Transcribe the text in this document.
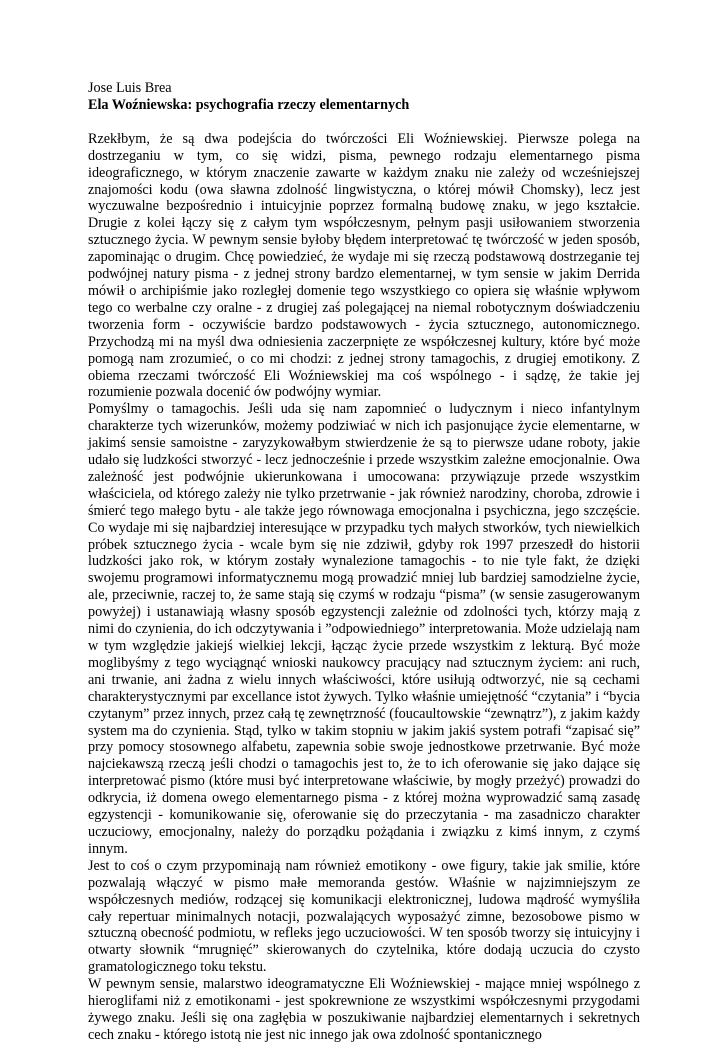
Jose Luis Brea
Ela Woźniewska: psychografia rzeczy elementarnych

Rzekłbym, że są dwa podejścia do twórczości Eli Woźniewskiej. Pierwsze polega na dostrzeganiu w tym, co się widzi, pisma, pewnego rodzaju elementarnego pisma ideograficznego, w którym znaczenie zawarte w każdym znaku nie zależy od wcześniejszej znajomości kodu (owa sławna zdolność lingwistyczna, o której mówił Chomsky), lecz jest wyczuwalne bezpośrednio i intuicyjnie poprzez formalną budowę znaku, w jego kształcie. Drugie z kolei łączy się z całym tym współczesnym, pełnym pasji usiłowaniem stworzenia sztucznego życia. W pewnym sensie byłoby błędem interpretować tę twórczość w jeden sposób, zapominając o drugim. Chcę powiedzieć, że wydaje mi się rzeczą podstawową dostrzeganie tej podwójnej natury pisma - z jednej strony bardzo elementarnej, w tym sensie w jakim Derrida mówił o archipiśmie jako rozległej domenie tego wszystkiego co opiera się właśnie wpływom tego co werbalne czy oralne - z drugiej zaś polegającej na niemal robotycznym doświadczeniu tworzenia form - oczywiście bardzo podstawowych - życia sztucznego, autonomicznego. Przychodzą mi na myśl dwa odniesienia zaczerpnięte ze współczesnej kultury, które być może pomogą nam zrozumieć, o co mi chodzi: z jednej strony tamagochis, z drugiej emotikony. Z obiema rzeczami twórczość Eli Woźniewskiej ma coś wspólnego - i sądzę, że takie jej rozumienie pozwala docenić ów podwójny wymiar.

Pomyślmy o tamagochis. Jeśli uda się nam zapomnieć o ludycznym i nieco infantylnym charakterze tych wizerunków, możemy podziwiać w nich ich pasjonujące życie elementarne, w jakimś sensie samoistne - zaryzykowałbym stwierdzenie że są to pierwsze udane roboty, jakie udało się ludzkości stworzyć - lecz jednocześnie i przede wszystkim zależne emocjonalnie. Owa zależność jest podwójnie ukierunkowana i umocowana: przywiązuje przede wszystkim właściciela, od którego zależy nie tylko przetrwanie - jak również narodziny, choroba, zdrowie i śmierć tego małego bytu - ale także jego równowaga emocjonalna i psychiczna, jego szczęście. Co wydaje mi się najbardziej interesujące w przypadku tych małych stworków, tych niewielkich próbek sztucznego życia - wcale bym się nie zdziwił, gdyby rok 1997 przeszedł do historii ludzkości jako rok, w którym zostały wynalezione tamagochis - to nie tyle fakt, że dzięki swojemu programowi informatycznemu mogą prowadzić mniej lub bardziej samodzielne życie, ale, przeciwnie, raczej to, że same stają się czymś w rodzaju “pisma” (w sensie zasugerowanym powyżej) i ustanawiają własny sposób egzystencji zależnie od zdolności tych, którzy mają z nimi do czynienia, do ich odczytywania i ”odpowiedniego” interpretowania. Może udzielają nam w tym względzie jakiejś wielkiej lekcji, łącząc życie przede wszystkim z lekturą. Być może moglibyśmy z tego wyciągnąć wnioski naukowcy pracujący nad sztucznym życiem: ani ruch, ani trwanie, ani żadna z wielu innych właściwości, które usiłują odtworzyć, nie są cechami charakterystycznymi par excellance istot żywych. Tylko właśnie umiejętność “czytania” i “bycia czytanym” przez innych, przez całą tę zewnętrzność (foucaultowskie “zewnątrz”), z jakim każdy system ma do czynienia. Stąd, tylko w takim stopniu w jakim jakiś system potrafi “zapisać się” przy pomocy stosownego alfabetu, zapewnia sobie swoje jednostkowe przetrwanie. Być może najciekawszą rzeczą jeśli chodzi o tamagochis jest to, że to ich oferowanie się jako dające się interpretować pismo (które musi być interpretowane właściwie, by mogły przeżyć) prowadzi do odkrycia, iż domena owego elementarnego pisma - z której można wyprowadzić samą zasadę egzystencji - komunikowanie się, oferowanie się do przeczytania - ma zasadniczo charakter uczuciowy, emocjonalny, należy do porządku pożądania i związku z kimś innym, z czymś innym.

Jest to coś o czym przypominają nam również emotikony - owe figury, takie jak smilie, które pozwalają włączyć w pismo małe memoranda gestów. Właśnie w najzimniejszym ze współczesnych mediów, rodzącej się komunikacji elektronicznej, ludowa mądrość wymyśliła cały repertuar minimalnych notacji, pozwalających wyposażyć zimne, bezosobowe pismo w sztuczną obecność podmiotu, w refleks jego uczuciowości. W ten sposób tworzy się intuicyjny i otwarty słownik “mrugnięć” skierowanych do czytelnika, które dodają uczucia do czysto gramatologicznego toku tekstu.

W pewnym sensie, malarstwo ideogramatyczne Eli Woźniewskiej - mające mniej wspólnego z hieroglifami niż z emotikonami - jest spokrewnione ze wszystkimi współczesnymi przygodami żywego znaku. Jeśli się ona zagłębia w poszukiwanie najbardziej elementarnych i sekretnych cech znaku - którego istotą nie jest nic innego jak owa zdolność spontanicznego
